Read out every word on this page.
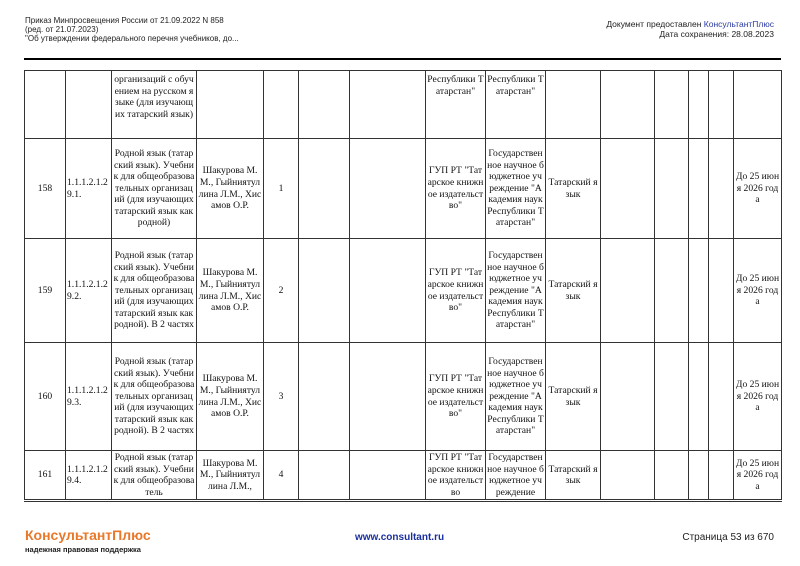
Приказ Минпросвещения России от 21.09.2022 N 858
(ред. от 21.07.2023)
"Об утверждении федерального перечня учебников, до...
Документ предоставлен КонсультантПлюс
Дата сохранения: 28.08.2023
		организаций с обучением на русском языке (для изучающих татарский язык)					Республики Татарстан"	Республики Татарстан"						
158	1.1.1.2.1.29.1.	Родной язык (татарский язык). Учебник для общеобразовательных организаций (для изучающих татарский язык как родной)	Шакурова М.М., Гыйниятуллина Л.М., Хисамов О.Р.	1			ГУП РТ "Татарское книжное издательство"	Государственное научное бюджетное учреждение "Академия наук Республики Татарстан"	Татарский язык					До 25 июня 2026 года
159	1.1.1.2.1.29.2.	Родной язык (татарский язык). Учебник для общеобразовательных организаций (для изучающих татарский язык как родной). В 2 частях	Шакурова М.М., Гыйниятуллина Л.М., Хисамов О.Р.	2			ГУП РТ "Татарское книжное издательство"	Государственное научное бюджетное учреждение "Академия наук Республики Татарстан"	Татарский язык					До 25 июня 2026 года
160	1.1.1.2.1.29.3.	Родной язык (татарский язык). Учебник для общеобразовательных организаций (для изучающих татарский язык как родной). В 2 частях	Шакурова М.М., Гыйниятуллина Л.М., Хисамов О.Р.	3			ГУП РТ "Татарское книжное издательство"	Государственное научное бюджетное учреждение "Академия наук Республики Татарстан"	Татарский язык					До 25 июня 2026 года
161	1.1.1.2.1.29.4.	Родной язык (татарский язык). Учебник для общеобразователь	Шакурова М.М., Гыйниятуллина Л.М.,	4			ГУП РТ "Татарское книжное издательство	Государственное научное бюджетное учреждение	Татарский язык					До 25 июня 2026 года
КонсультантПлюс
надежная правовая поддержка
www.consultant.ru	Страница 53 из 670
